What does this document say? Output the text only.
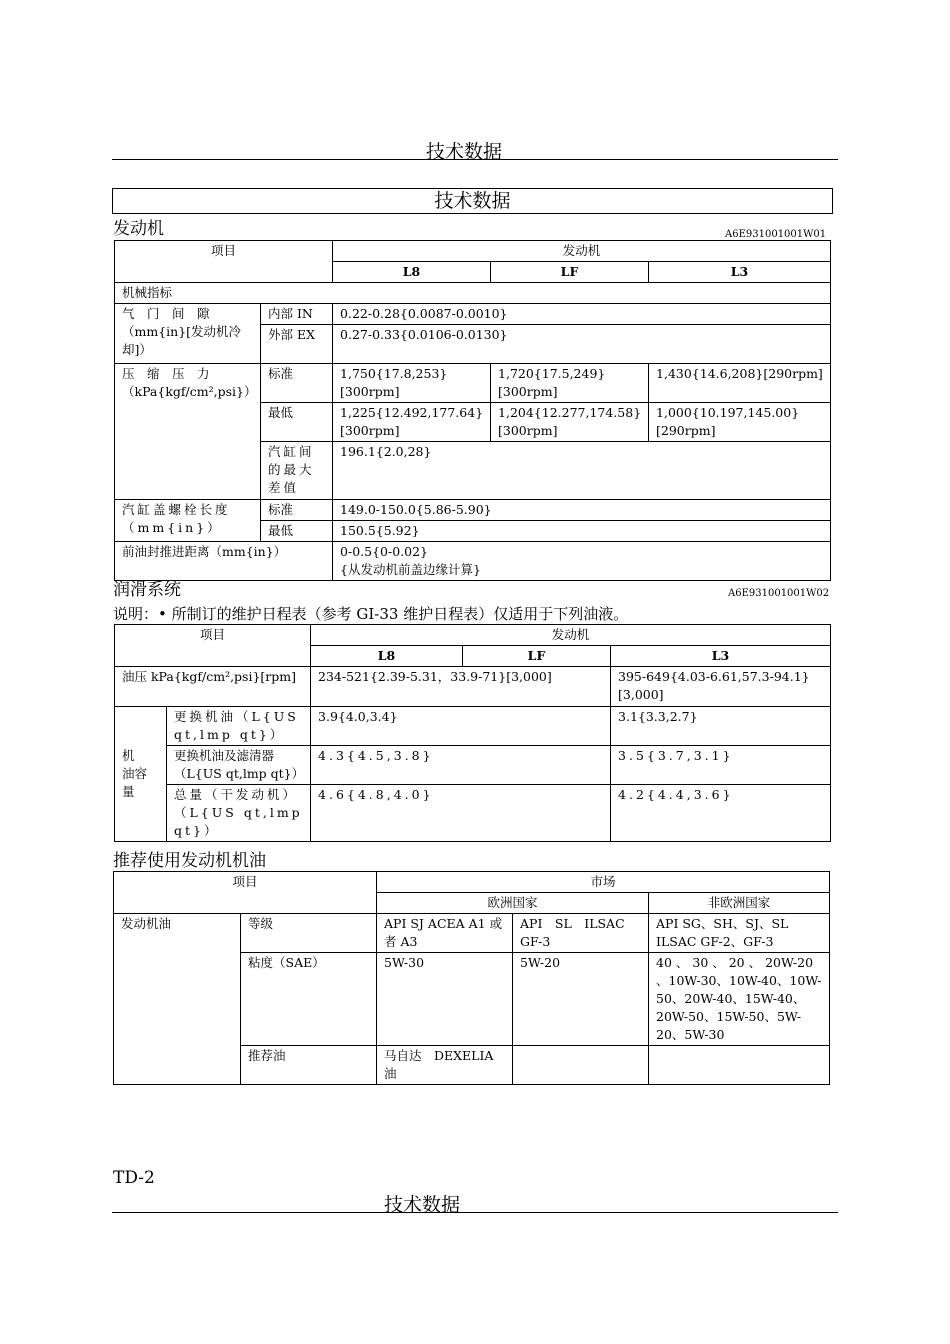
技术数据
技术数据
发动机	A6E931001001W01
项目		发动机		
		L8	LF	L3
机械指标				
气　门　间　隙（mm{in}[发动机冷却]）	内部 IN	0.22-0.28{0.0087-0.0010}		
	外部 EX	0.27-0.33{0.0106-0.0130}		
压　缩　压　力（kPa{kgf/cm²,psi}）	标准	1,750{17.8,253}[300rpm]	1,720{17.5,249}[300rpm]	1,430{14.6,208}[290rpm]
	最低	1,225{12.492,177.64}[300rpm]	1,204{12.277,174.58}[300rpm]	1,000{10.197,145.00}[290rpm]
	汽缸间的最大差值	196.1{2.0,28}		
汽缸盖螺栓长度（mm{in}）	标准	149.0-150.0{5.86-5.90}		
	最低	150.5{5.92}		
前油封推进距离（mm{in}）		0-0.5{0-0.02}
{从发动机前盖边缘计算}		
润滑系统	A6E931001001W02
说明：• 所制订的维护日程表（参考 GI-33 维护日程表）仅适用于下列油液。
项目		发动机		
		L8	LF	L3
油压 kPa{kgf/cm²,psi}[rpm]		234-521{2.39-5.31，33.9-71}[3,000]		395-649{4.03-6.61,57.3-94.1}[3,000]
机　油容量	更换机油（L{US qt,lmp qt}）	3.9{4.0,3.4}		3.1{3.3,2.7}
	更换机油及滤清器（L{US qt,lmp qt}）	4.3{4.5,3.8}		3.5{3.7,3.1}
	总量（干发动机）（L{US qt,lmp qt}）	4.6{4.8,4.0}		4.2{4.4,3.6}
推荐使用发动机机油
项目		市场		
		欧洲国家		非欧洲国家
发动机油	等级	API SJ ACEA A1 或者 A3	API　SL　ILSAC GF-3	API SG、SH、SJ、SL ILSAC GF-2、GF-3
	粘度（SAE）	5W-30	5W-20	40 、 30 、 20 、 20W-20 、10W-30、10W-40、10W-50、20W-40、15W-40、20W-50、15W-50、5W-20、5W-30
	推荐油	马自达　DEXELIA 油		
TD-2
技术数据
